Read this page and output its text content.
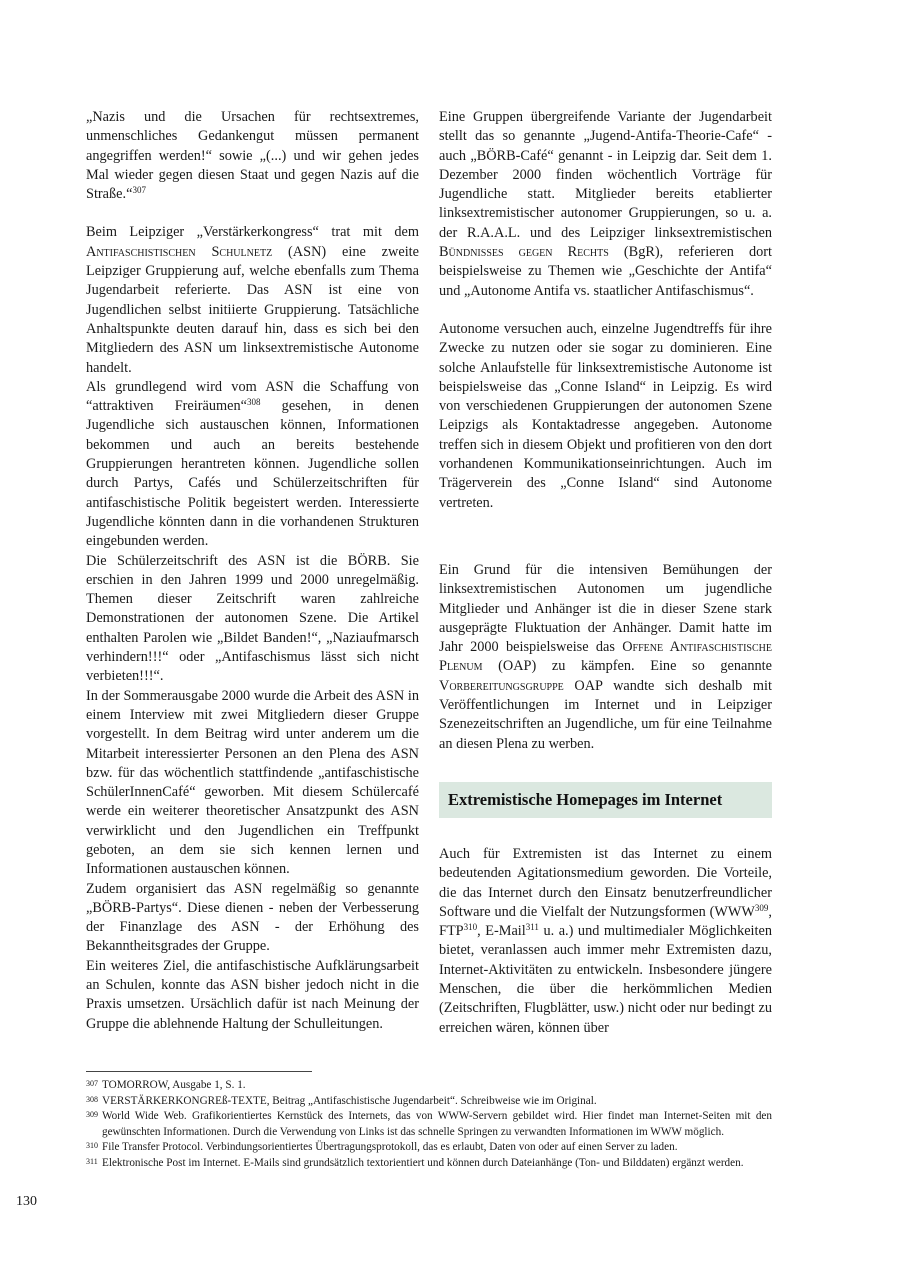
„Nazis und die Ursachen für rechtsextremes, unmenschliches Gedankengut müssen permanent angegriffen werden!“ sowie „(...) und wir gehen jedes Mal wieder gegen diesen Staat und gegen Nazis auf die Straße.“$^{307}$

Beim Leipziger „Verstärkerkongress“ trat mit dem Antifaschistischen Schulnetz (ASN) eine zweite Leipziger Gruppierung auf, welche ebenfalls zum Thema Jugendarbeit referierte. Das ASN ist eine von Jugendlichen selbst initiierte Gruppierung. Tatsächliche Anhaltspunkte deuten darauf hin, dass es sich bei den Mitgliedern des ASN um linksextremistische Autonome handelt.

Als grundlegend wird vom ASN die Schaffung von “attraktiven Freiräumen“$^{308}$ gesehen, in denen Jugendliche sich austauschen können, Informationen bekommen und auch an bereits bestehende Gruppierungen herantreten können. Jugendliche sollen durch Partys, Cafés und Schülerzeitschriften für antifaschistische Politik begeistert werden. Interessierte Jugendliche könnten dann in die vorhandenen Strukturen eingebunden werden.

Die Schülerzeitschrift des ASN ist die BÖRB. Sie erschien in den Jahren 1999 und 2000 unregelmäßig. Themen dieser Zeitschrift waren zahlreiche Demonstrationen der autonomen Szene. Die Artikel enthalten Parolen wie „Bildet Banden!“, „Naziaufmarsch verhindern!!!“ oder „Antifaschismus lässt sich nicht verbieten!!!“.

In der Sommerausgabe 2000 wurde die Arbeit des ASN in einem Interview mit zwei Mitgliedern dieser Gruppe vorgestellt. In dem Beitrag wird unter anderem um die Mitarbeit interessierter Personen an den Plena des ASN bzw. für das wöchentlich stattfindende „antifaschistische SchülerInnenCafé“ geworben. Mit diesem Schülercafé werde ein weiterer theoretischer Ansatzpunkt des ASN verwirklicht und den Jugendlichen ein Treffpunkt geboten, an dem sie sich kennen lernen und Informationen austauschen können.

Zudem organisiert das ASN regelmäßig so genannte „BÖRB-Partys“. Diese dienen - neben der Verbesserung der Finanzlage des ASN - der Erhöhung des Bekanntheitsgrades der Gruppe.

Ein weiteres Ziel, die antifaschistische Aufklärungsarbeit an Schulen, konnte das ASN bisher jedoch nicht in die Praxis umsetzen. Ursächlich dafür ist nach Meinung der Gruppe die ablehnende Haltung der Schulleitungen.

Eine Gruppen übergreifende Variante der Jugendarbeit stellt das so genannte „Jugend-Antifa-Theorie-Cafe“ - auch „BÖRB-Café“ genannt - in Leipzig dar. Seit dem 1. Dezember 2000 finden wöchentlich Vorträge für Jugendliche statt. Mitglieder bereits etablierter linksextremistischer autonomer Gruppierungen, so u. a. der R.A.A.L. und des Leipziger linksextremistischen Bündnisses gegen Rechts (BgR), referieren dort beispielsweise zu Themen wie „Geschichte der Antifa“ und „Autonome Antifa vs. staatlicher Antifaschismus“.

Autonome versuchen auch, einzelne Jugendtreffs für ihre Zwecke zu nutzen oder sie sogar zu dominieren. Eine solche Anlaufstelle für linksextremistische Autonome ist beispielsweise das „Conne Island“ in Leipzig. Es wird von verschiedenen Gruppierungen der autonomen Szene Leipzigs als Kontaktadresse angegeben. Autonome treffen sich in diesem Objekt und profitieren von den dort vorhandenen Kommunikationseinrichtungen. Auch im Trägerverein des „Conne Island“ sind Autonome vertreten.

Ein Grund für die intensiven Bemühungen der linksextremistischen Autonomen um jugendliche Mitglieder und Anhänger ist die in dieser Szene stark ausgeprägte Fluktuation der Anhänger. Damit hatte im Jahr 2000 beispielsweise das Offene Antifaschistische Plenum (OAP) zu kämpfen. Eine so genannte Vorbereitungsgruppe OAP wandte sich deshalb mit Veröffentlichungen im Internet und in Leipziger Szenezeitschriften an Jugendliche, um für eine Teilnahme an diesen Plena zu werben.

Extremistische Homepages im Internet

Auch für Extremisten ist das Internet zu einem bedeutenden Agitationsmedium geworden. Die Vorteile, die das Internet durch den Einsatz benutzerfreundlicher Software und die Vielfalt der Nutzungsformen (WWW$^{309}$, FTP$^{310}$, E-Mail$^{311}$ u. a.) und multimedialer Möglichkeiten bietet, veranlassen auch immer mehr Extremisten dazu, Internet-Aktivitäten zu entwickeln. Insbesondere jüngere Menschen, die über die herkömmlichen Medien (Zeitschriften, Flugblätter, usw.) nicht oder nur bedingt zu erreichen wären, können über

307 TOMORROW, Ausgabe 1, S. 1.
308 VERSTÄRKERKONGREß-TEXTE, Beitrag „Antifaschistische Jugendarbeit“. Schreibweise wie im Original.
309 World Wide Web. Grafikorientiertes Kernstück des Internets, das von WWW-Servern gebildet wird. Hier findet man Internet-Seiten mit den gewünschten Informationen. Durch die Verwendung von Links ist das schnelle Springen zu verwandten Informationen im WWW möglich.
310 File Transfer Protocol. Verbindungsorientiertes Übertragungsprotokoll, das es erlaubt, Daten von oder auf einen Server zu laden.
311 Elektronische Post im Internet. E-Mails sind grundsätzlich textorientiert und können durch Dateianhänge (Ton- und Bilddaten) ergänzt werden.
130
